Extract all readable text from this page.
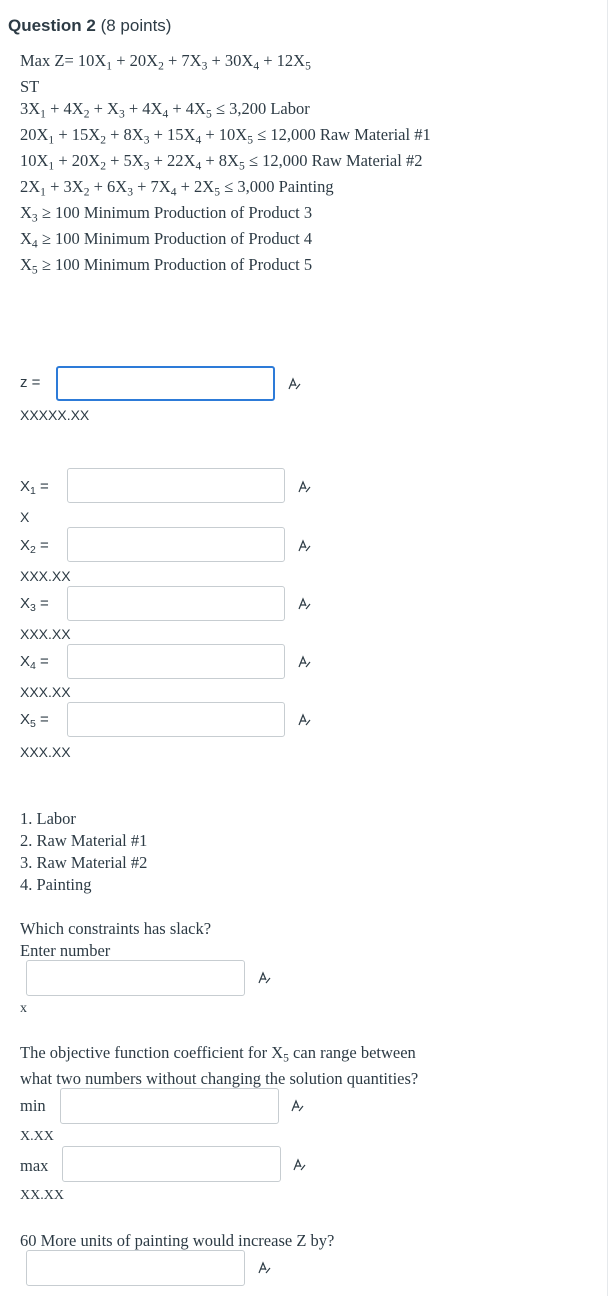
Question 2 (8 points)
Max $Z= 10X_1 + 20X_2 + 7X_3 + 30X_4 + 12X_5$
ST
$3X_1 + 4X_2 + X_3 + 4X_4 + 4X_5 \le 3,200$ Labor
$20X_1 + 15X_2 + 8X_3 + 15X_4 + 10X_5 \le 12,000$ Raw Material #1
$10X_1 + 20X_2 + 5X_3 + 22X_4 + 8X_5 \le 12,000$ Raw Material #2
$2X_1 + 3X_2 + 6X_3 + 7X_4 + 2X_5 \le 3,000$ Painting
$X_3 \ge 100$ Minimum Production of Product 3
$X_4 \ge 100$ Minimum Production of Product 4
$X_5 \ge 100$ Minimum Production of Product 5
z =
XXXXX.XX
$X_1$ =
X
$X_2$ =
XXX.XX
$X_3$ =
XXX.XX
$X_4$ =
XXX.XX
$X_5$ =
XXX.XX
1. Labor
2. Raw Material #1
3. Raw Material #2
4. Painting
Which constraints has slack?
Enter number
x
The objective function coefficient for $X_5$ can range between
what two numbers without changing the solution quantities?
min
X.XX
max
XX.XX
60 More units of painting would increase Z by?
